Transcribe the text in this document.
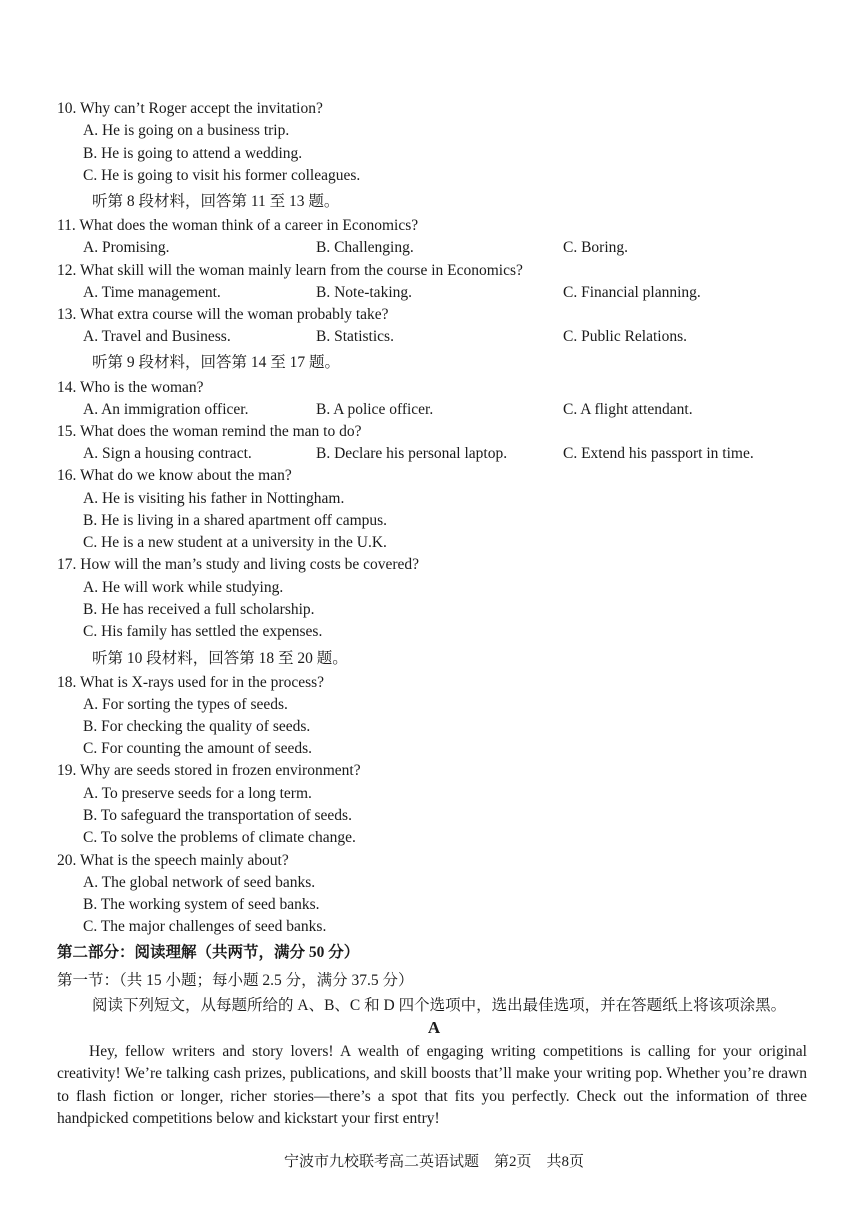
10. Why can’t Roger accept the invitation?
A. He is going on a business trip.
B. He is going to attend a wedding.
C. He is going to visit his former colleagues.
听第 8 段材料，回答第 11 至 13 题。
11. What does the woman think of a career in Economics?
A. Promising.	B. Challenging.	C. Boring.
12. What skill will the woman mainly learn from the course in Economics?
A. Time management.	B. Note-taking.	C. Financial planning.
13. What extra course will the woman probably take?
A. Travel and Business.	B. Statistics.	C. Public Relations.
听第 9 段材料，回答第 14 至 17 题。
14. Who is the woman?
A. An immigration officer.	B. A police officer.	C. A flight attendant.
15. What does the woman remind the man to do?
A. Sign a housing contract.	B. Declare his personal laptop.	C. Extend his passport in time.
16. What do we know about the man?
A. He is visiting his father in Nottingham.
B. He is living in a shared apartment off campus.
C. He is a new student at a university in the U.K.
17. How will the man’s study and living costs be covered?
A. He will work while studying.
B. He has received a full scholarship.
C. His family has settled the expenses.
听第 10 段材料，回答第 18 至 20 题。
18. What is X-rays used for in the process?
A. For sorting the types of seeds.
B. For checking the quality of seeds.
C. For counting the amount of seeds.
19. Why are seeds stored in frozen environment?
A. To preserve seeds for a long term.
B. To safeguard the transportation of seeds.
C. To solve the problems of climate change.
20. What is the speech mainly about?
A. The global network of seed banks.
B. The working system of seed banks.
C. The major challenges of seed banks.
第二部分：阅读理解（共两节，满分 50 分）
第一节：（共 15 小题；每小题 2.5 分，满分 37.5 分）
阅读下列短文，从每题所给的 A、B、C 和 D 四个选项中，选出最佳选项，并在答题纸上将该项涂黑。
A

Hey, fellow writers and story lovers! A wealth of engaging writing competitions is calling for your original creativity! We’re talking cash prizes, publications, and skill boosts that’ll make your writing pop. Whether you’re drawn to flash fiction or longer, richer stories—there’s a spot that fits you perfectly. Check out the information of three handpicked competitions below and kickstart your first entry!

宁波市九校联考高二英语试题　第2页　共8页
